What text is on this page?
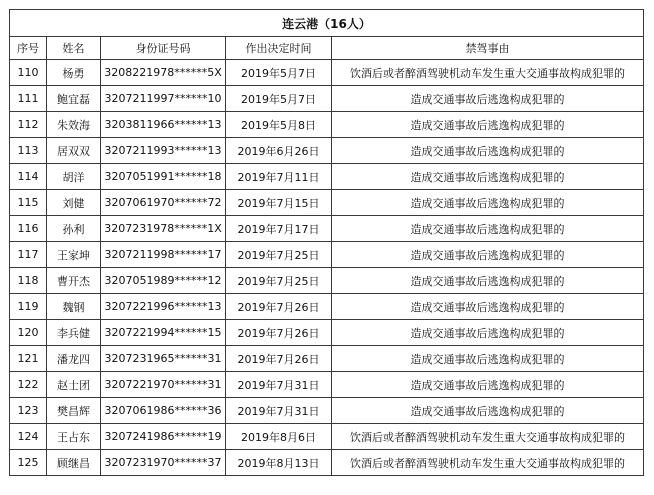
连云港（16人）				
序号	姓名	身份证号码	作出决定时间	禁驾事由
110	杨勇	3208221978******5X	2019年5月7日	饮酒后或者醉酒驾驶机动车发生重大交通事故构成犯罪的
111	鲍宜磊	3207211997******10	2019年5月7日	造成交通事故后逃逸构成犯罪的
112	朱效海	3203811966******13	2019年5月8日	造成交通事故后逃逸构成犯罪的
113	居双双	3207211993******13	2019年6月26日	造成交通事故后逃逸构成犯罪的
114	胡洋	3207051991******18	2019年7月11日	造成交通事故后逃逸构成犯罪的
115	刘健	3207061970******72	2019年7月15日	造成交通事故后逃逸构成犯罪的
116	孙利	3207231978******1X	2019年7月17日	造成交通事故后逃逸构成犯罪的
117	王家坤	3207211998******17	2019年7月25日	造成交通事故后逃逸构成犯罪的
118	曹开杰	3207051989******12	2019年7月25日	造成交通事故后逃逸构成犯罪的
119	魏钢	3207221996******13	2019年7月26日	造成交通事故后逃逸构成犯罪的
120	李兵健	3207221994******15	2019年7月26日	造成交通事故后逃逸构成犯罪的
121	潘龙四	3207231965******31	2019年7月26日	造成交通事故后逃逸构成犯罪的
122	赵士团	3207221970******31	2019年7月31日	造成交通事故后逃逸构成犯罪的
123	樊昌辉	3207061986******36	2019年7月31日	造成交通事故后逃逸构成犯罪的
124	王占东	3207241986******19	2019年8月6日	饮酒后或者醉酒驾驶机动车发生重大交通事故构成犯罪的
125	顾继昌	3207231970******37	2019年8月13日	饮酒后或者醉酒驾驶机动车发生重大交通事故构成犯罪的
